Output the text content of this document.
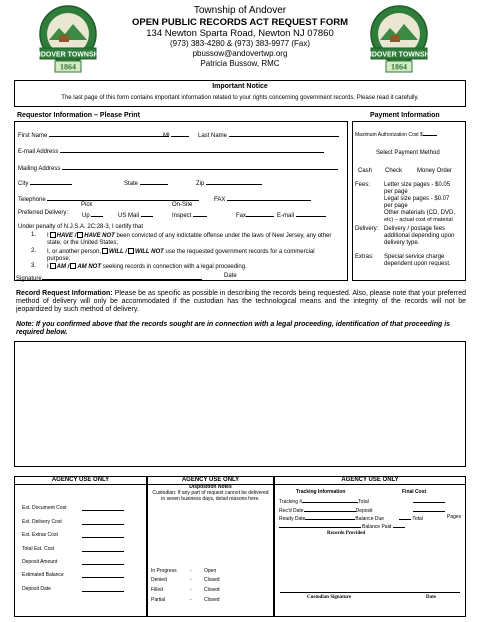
ANDOVER TOWNSHIP
1864
ANDOVER TOWNSHIP
1864
Township of Andover
OPEN PUBLIC RECORDS ACT REQUEST FORM
134 Newton Sparta Road, Newton NJ 07860
(973) 383-4280 & (973) 383-9977 (Fax)
pbussow@andovertwp.org
Patricia Bussow, RMC
Important Notice
The last page of this form contains important information related to your rights concerning government records. Please read it carefully.
Requestor Information – Please Print
First Name	MI	Last Name
E-mail Address
Mailing Address
City	State	Zip
Telephone	FAX
Pick	On-Site
Preferred Delivery: Up	US Mail	Inspect	Fax	E-mail
Under penalty of N.J.S.A. 2C:28-3, I certify that
1. I HAVE / HAVE NOT been convicted of any indictable offense under the laws of New Jersey, any other state, or the United States;
2. I, or another person, WILL / WILL NOT use the requested government records for a commercial purpose;
3. I AM / AM NOT seeking records in connection with a legal proceeding.
Signature	Date
Payment Information
Maximum Authorization Cost $
Select Payment Method
Cash Check Money Order
Fees: Letter size pages - $0.05
per page
Legal size pages - $0.07
per page
Other materials (CD, DVD,
etc) – actual cost of material
Delivery: Delivery / postage fees
additional depending upon
delivery type.
Extras: Special service charge
dependent upon request.
Record Request Information: Please be as specific as possible in describing the records being requested. Also, please note that your preferred method of delivery will only be accommodated if the custodian has the technological means and the integrity of the records will not be jeopardized by such method of delivery.
Note: If you confirmed above that the records sought are in connection with a legal proceeding, identification of that proceeding is required below.
AGENCY USE ONLY
Est. Document Cost
Est. Delivery Cost
Est. Extras Cost
Total Est. Cost
Deposit Amount
Estimated Balance
Deposit Date
AGENCY USE ONLY
Disposition Notes
Custodian: If any part of request cannot be delivered in seven business days, detail reasons here.
In Progress	- Open
Denied	- Closed
Filled	- Closed
Partial	- Closed
AGENCY USE ONLY
Tracking Information	Final Cost
Tracking #	Total
Rec'd Date	Deposit
Ready Date	Balance Due	Total	Pages
Balance Paid
Records Provided
Custodian Signature	Date
